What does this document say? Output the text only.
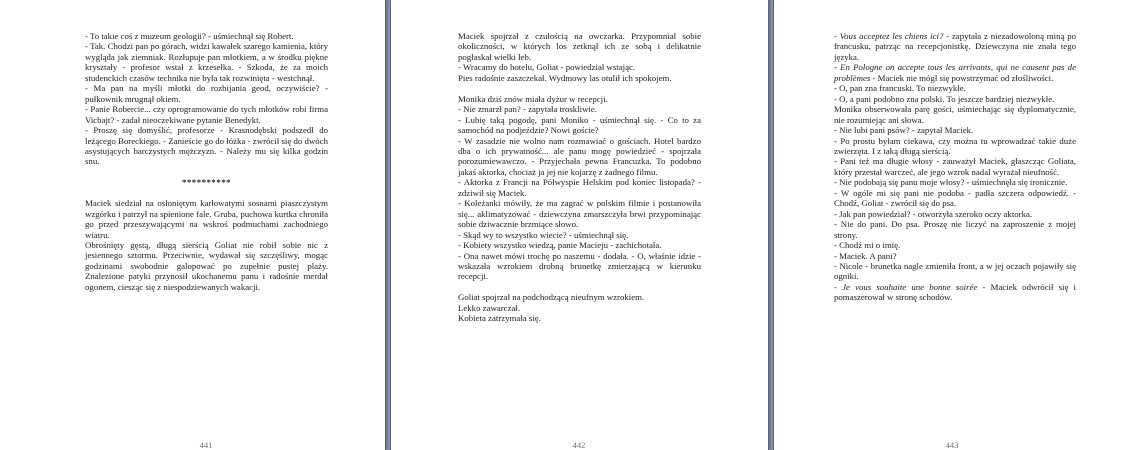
- To takie coś z muzeum geologii? - uśmiechnął się Robert.

- Tak. Chodzi pan po górach, widzi kawałek szarego kamienia, który wygląda jak ziemniak. Rozłupuje pan młotkiem, a w środku piękne kryształy - profesor wstał z krzesełka. - Szkoda, że za moich studenckich czasów technika nie była tak rozwinięta - westchnął.

- Ma pan na myśli młotki do rozbijania geod, oczywiście? - pułkownik mrugnął okiem.

- Panie Robercie... czy oprogramowanie do tych młotków robi firma Vicbajt? - zadał nieoczekiwane pytanie Benedykt.

- Proszę się domyślić, profesorze - Krasnodębski podszedł do leżącego Boreckiego. - Zanieście go do łóżka - zwrócił się do dwóch asystujących barczystych mężczyzn. - Należy mu się kilka godzin snu.

**********

Maciek siedział na osłoniętym karłowatymi sosnami piaszczystym wzgórku i patrzył na spienione fale. Gruba, puchowa kurtka chroniła go przed przeszywającymi na wskroś podmuchami zachodniego wiatru.

Obrośnięty gęstą, długą sierścią Goliat nie robił sobie nic z jesiennego sztormu. Przeciwnie, wydawał się szczęśliwy, mogąc godzinami swobodnie galopować po zupełnie pustej plaży. Znalezione patyki przynosił ukochanemu panu i radośnie merdał ogonem, ciesząc się z niespodziewanych wakacji.

441

Maciek spojrzał z czułością na owczarka. Przypomniał sobie okoliczności, w których los zetknął ich ze sobą i delikatnie pogłaskał wielki łeb.

- Wracamy do hotelu, Goliat - powiedział wstając.

Pies radośnie zaszczekał. Wydmowy las otulił ich spokojem.

Monika dziś znów miała dyżur w recepcji.

- Nie zmarzł pan? - zapytała troskliwie.

- Lubię taką pogodę, pani Moniko - uśmiechnął się. - Co to za samochód na podjeździe? Nowi goście?

- W zasadzie nie wolno nam rozmawiać o gościach. Hotel bardzo dba o ich prywatność... ale panu mogę powiedzieć - spojrzała porozumiewawczo. - Przyjechała pewna Francuzka. To podobno jakaś aktorka, chociaż ja jej nie kojarzę z żadnego filmu.

- Aktorka z Francji na Półwyspie Helskim pod koniec listopada? - zdziwił się Maciek.

- Koleżanki mówiły, że ma zagrać w polskim filmie i postanowiła się... aklimatyzować - dziewczyna zmarszczyła brwi przypominając sobie dziwacznie brzmiące słowo.

- Skąd wy to wszystko wiecie? - uśmiechnął się.

- Kobiety wszystko wiedzą, panie Macieju - zachichotała.

- Ona nawet mówi trochę po naszemu - dodała. - O, właśnie idzie - wskazała wzrokiem drobną brunetkę zmierzającą w kierunku recepcji.

Goliat spojrzał na podchodzącą nieufnym wzrokiem.

Lekko zawarczał.

Kobieta zatrzymała się.

442

- Vous acceptez les chiens ici? - zapytała z niezadowoloną miną po francusku, patrząc na recepcjonistkę. Dziewczyna nie znała tego języka.

- En Pologne on accepte tous les arrivants, qui ne causent pas de problèmes - Maciek nie mógł się powstrzymać od złośliwości.

- O, pan zna francuski. To niezwykłe.

- O, a pani podobno zna polski. To jeszcze bardziej niezwykłe.

Monika obserwowała parę gości, uśmiechając się dyplomatycznie, nie rozumiejąc ani słowa.

- Nie lubi pani psów? - zapytał Maciek.

- Po prostu byłam ciekawa, czy można tu wprowadzać takie duże zwierzęta. I z taką długą sierścią.

- Pani też ma długie włosy - zauważył Maciek, głaszcząc Goliata, który przestał warczeć, ale jego wzrok nadal wyrażał nieufność.

- Nie podobają się panu moje włosy? - uśmiechnęła się ironicznie.

- W ogóle mi się pani nie podoba - padła szczera odpowiedź. - Chodź, Goliat - zwrócił się do psa.

- Jak pan powiedział? - otworzyła szeroko oczy aktorka.

- Nie do pani. Do psa. Proszę nie liczyć na zaproszenie z mojej strony.

- Chodź mi o imię.

- Maciek. A pani?

- Nicole - brunetka nagle zmieniła front, a w jej oczach pojawiły się ogniki.

- Je vous souhaite une bonne soirée - Maciek odwrócił się i pomaszerował w stronę schodów.

443
